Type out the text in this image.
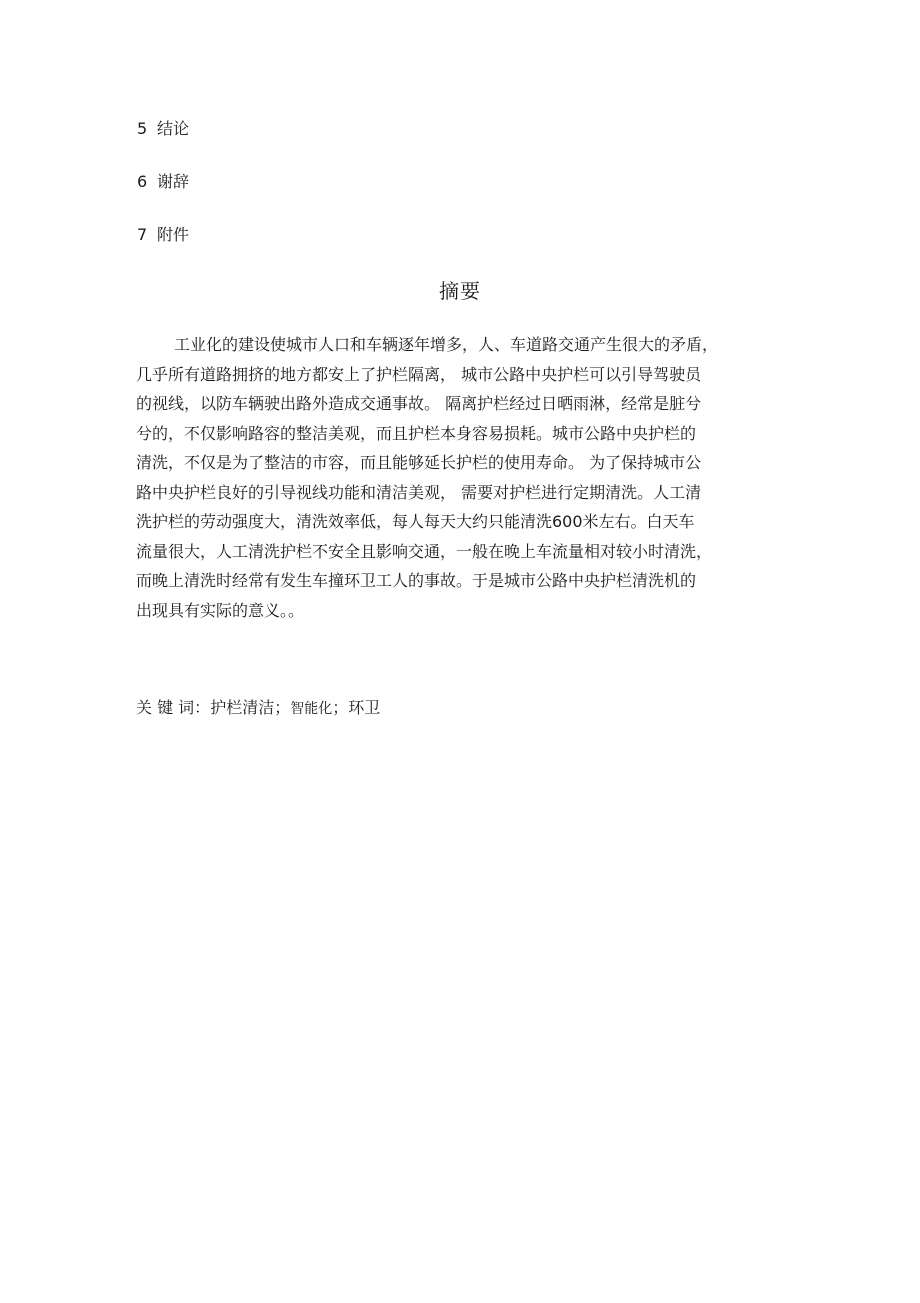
5 结论
6 谢辞
7 附件
摘要
工业化的建设使城市人口和车辆逐年增多，人、车道路交通产生很大的矛盾，
几乎所有道路拥挤的地方都安上了护栏隔离， 城市公路中央护栏可以引导驾驶员
的视线，以防车辆驶出路外造成交通事故。 隔离护栏经过日晒雨淋，经常是脏兮
兮的，不仅影响路容的整洁美观，而且护栏本身容易损耗。城市公路中央护栏的
清洗，不仅是为了整洁的市容，而且能够延长护栏的使用寿命。 为了保持城市公
路中央护栏良好的引导视线功能和清洁美观， 需要对护栏进行定期清洗。人工清
洗护栏的劳动强度大，清洗效率低，每人每天大约只能清洗600米左右。白天车
流量很大，人工清洗护栏不安全且影响交通，一般在晚上车流量相对较小时清洗，
而晚上清洗时经常有发生车撞环卫工人的事故。于是城市公路中央护栏清洗机的
出现具有实际的意义。。
关 键 词：护栏清洁；智能化；环卫
